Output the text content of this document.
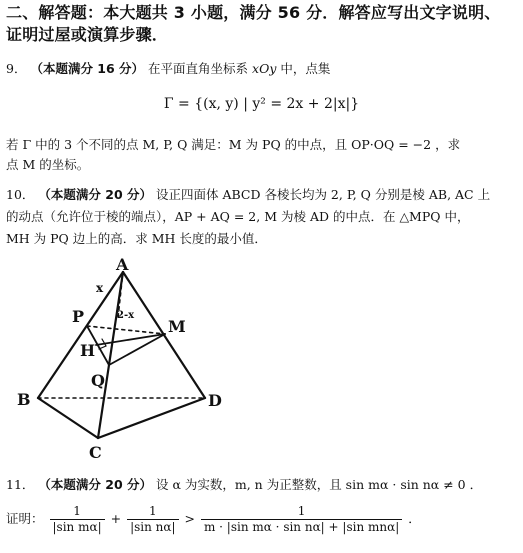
二、解答题：本大题共 3 小题，满分 56 分．解答应写出文字说明、
证明过屋或演算步骤．
9． （本题满分 16 分） 在平面直角坐标系 xOy 中，点集
Γ = {(x, y) | y² = 2x + 2|x|}
若 Γ 中的 3 个不同的点 M, P, Q 满足：M 为 PQ 的中点，且 OP·OQ = −2 ，求
点 M 的坐标。
10． （本题满分 20 分） 设正四面体 ABCD 各棱长均为 2, P, Q 分别是棱 AB, AC 上
的动点（允许位于棱的端点），AP + AQ = 2, M 为棱 AD 的中点．在 △MPQ 中，
MH 为 PQ 边上的高．求 MH 长度的最小值．
A
B
C
D
P
H
Q
M
x
2-x
11． （本题满分 20 分） 设 α 为实数，m, n 为正整数，且 sin mα · sin nα ≠ 0 ．
证明： $\frac{1}{\text{|sin mα|}} + \frac{1}{\text{|sin nα|}} > \frac{1}{\text{m · |sin mα · sin nα| + |sin mnα|}}$ ．
